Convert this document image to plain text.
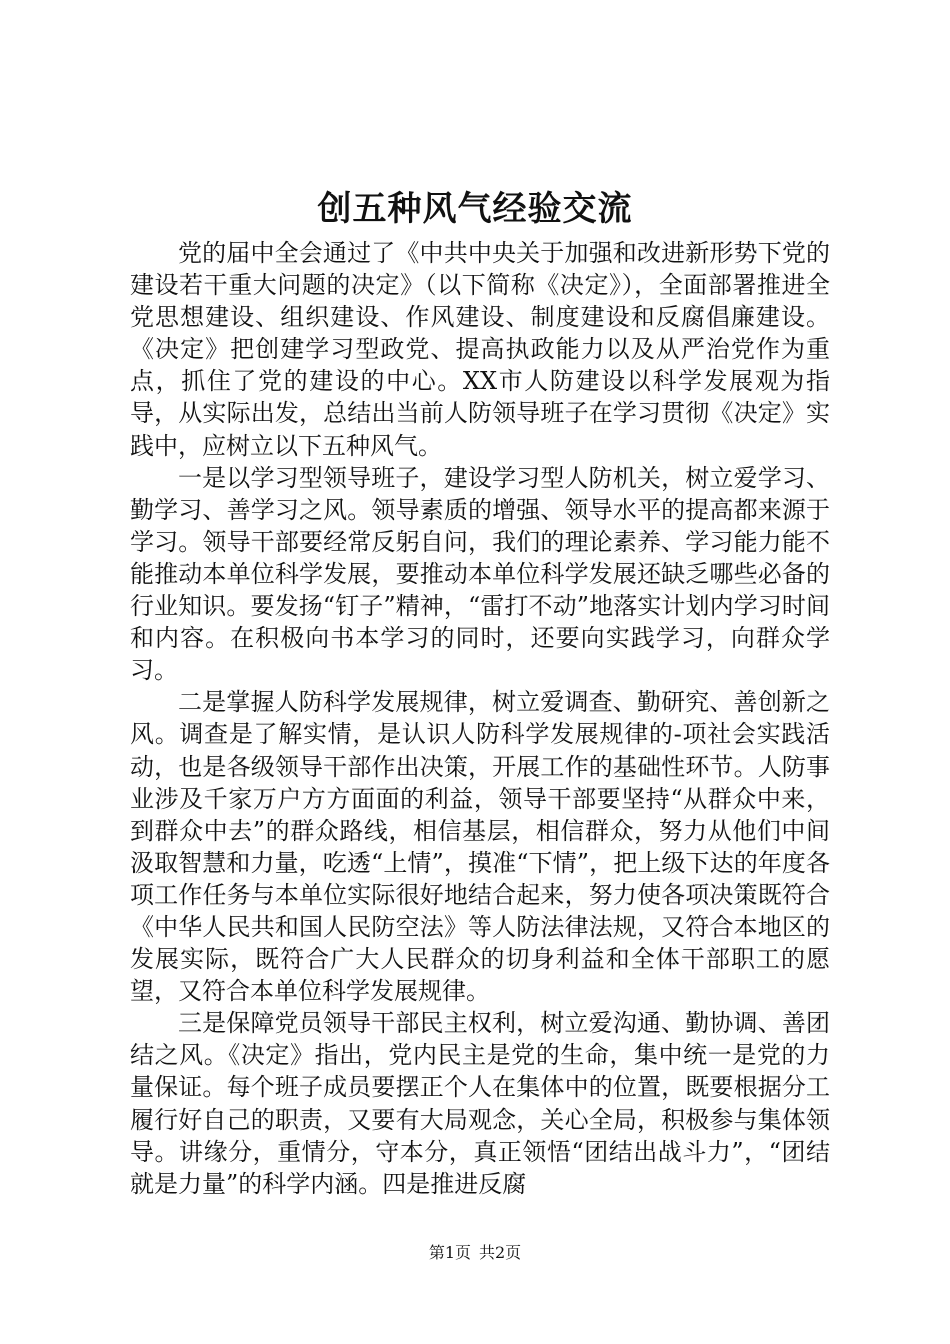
创五种风气经验交流

党的届中全会通过了《中共中央关于加强和改进新形势下党的建设若干重大问题的决定》（以下简称《决定》），全面部署推进全党思想建设、组织建设、作风建设、制度建设和反腐倡廉建设。《决定》把创建学习型政党、提高执政能力以及从严治党作为重点，抓住了党的建设的中心。XX市人防建设以科学发展观为指导，从实际出发，总结出当前人防领导班子在学习贯彻《决定》实践中，应树立以下五种风气。

一是以学习型领导班子，建设学习型人防机关，树立爱学习、勤学习、善学习之风。领导素质的增强、领导水平的提高都来源于学习。领导干部要经常反躬自问，我们的理论素养、学习能力能不能推动本单位科学发展，要推动本单位科学发展还缺乏哪些必备的行业知识。要发扬“钉子”精神，“雷打不动”地落实计划内学习时间和内容。在积极向书本学习的同时，还要向实践学习，向群众学习。

二是掌握人防科学发展规律，树立爱调查、勤研究、善创新之风。调查是了解实情，是认识人防科学发展规律的-项社会实践活动，也是各级领导干部作出决策，开展工作的基础性环节。人防事业涉及千家万户方方面面的利益，领导干部要坚持“从群众中来，到群众中去”的群众路线，相信基层，相信群众，努力从他们中间汲取智慧和力量，吃透“上情”，摸准“下情”，把上级下达的年度各项工作任务与本单位实际很好地结合起来，努力使各项决策既符合《中华人民共和国人民防空法》等人防法律法规，又符合本地区的发展实际，既符合广大人民群众的切身利益和全体干部职工的愿望，又符合本单位科学发展规律。

三是保障党员领导干部民主权利，树立爱沟通、勤协调、善团结之风。《决定》指出，党内民主是党的生命，集中统一是党的力量保证。每个班子成员要摆正个人在集体中的位置，既要根据分工履行好自己的职责，又要有大局观念，关心全局，积极参与集体领导。讲缘分，重情分，守本分，真正领悟“团结出战斗力”，“团结就是力量”的科学内涵。四是推进反腐

第1页 共2页
